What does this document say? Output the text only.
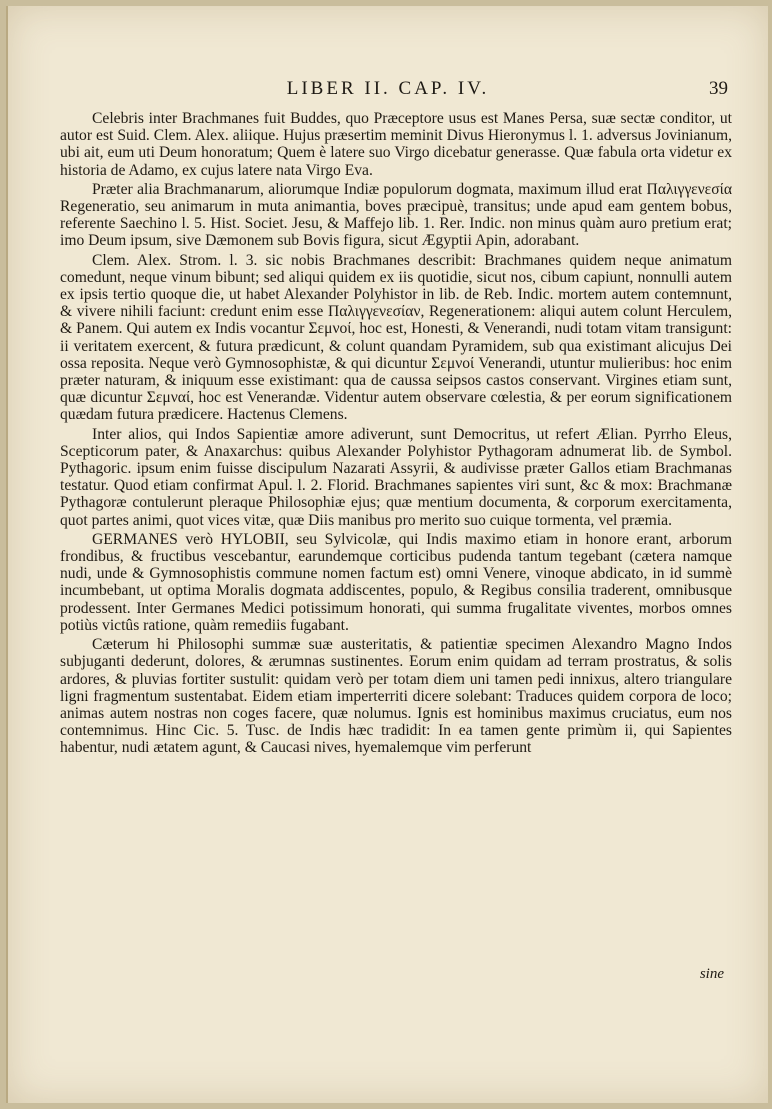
LIBER II. CAP. IV.	39

Celebris inter Brachmanes fuit Buddes, quo Præceptore usus est Manes Persa, suæ sectæ conditor, ut autor est Suid. Clem. Alex. aliique. Hujus præsertim meminit Divus Hieronymus l. 1. adversus Jovinianum, ubi ait, eum uti Deum honoratum; Quem è latere suo Virgo dicebatur generasse. Quæ fabula orta videtur ex historia de Adamo, ex cujus latere nata Virgo Eva.

Præter alia Brachmanarum, aliorumque Indiæ populorum dogmata, maximum illud erat Παλιγγενεσία Regeneratio, seu animarum in muta animantia, boves præcipuè, transitus; unde apud eam gentem bobus, referente Saechino l. 5. Hist. Societ. Jesu, & Maffejo lib. 1. Rer. Indic. non minus quàm auro pretium erat; imo Deum ipsum, sive Dæmonem sub Bovis figura, sicut Ægyptii Apin, adorabant.

Clem. Alex. Strom. l. 3. sic nobis Brachmanes describit: Brachmanes quidem neque animatum comedunt, neque vinum bibunt; sed aliqui quidem ex iis quotidie, sicut nos, cibum capiunt, nonnulli autem ex ipsis tertio quoque die, ut habet Alexander Polyhistor in lib. de Reb. Indic. mortem autem contemnunt, & vivere nihili faciunt: credunt enim esse Παλιγγενεσίαν, Regenerationem: aliqui autem colunt Herculem, & Panem. Qui autem ex Indis vocantur Σεμνοί, hoc est, Honesti, & Venerandi, nudi totam vitam transigunt: ii veritatem exercent, & futura prædicunt, & colunt quandam Pyramidem, sub qua existimant alicujus Dei ossa reposita. Neque verò Gymnosophistæ, & qui dicuntur Σεμνοί Venerandi, utuntur mulieribus: hoc enim præter naturam, & iniquum esse existimant: qua de caussa seipsos castos conservant. Virgines etiam sunt, quæ dicuntur Σεμναί, hoc est Venerandæ. Videntur autem observare cœlestia, & per eorum significationem quædam futura prædicere. Hactenus Clemens.

Inter alios, qui Indos Sapientiæ amore adiverunt, sunt Democritus, ut refert Ælian. Pyrrho Eleus, Scepticorum pater, & Anaxarchus: quibus Alexander Polyhistor Pythagoram adnumerat lib. de Symbol. Pythagoric. ipsum enim fuisse discipulum Nazarati Assyrii, & audivisse præter Gallos etiam Brachmanas testatur. Quod etiam confirmat Apul. l. 2. Florid. Brachmanes sapientes viri sunt, &c & mox: Brachmanæ Pythagoræ contulerunt pleraque Philosophiæ ejus; quæ mentium documenta, & corporum exercitamenta, quot partes animi, quot vices vitæ, quæ Diis manibus pro merito suo cuique tormenta, vel præmia.

GERMANES verò HYLOBII, seu Sylvicolæ, qui Indis maximo etiam in honore erant, arborum frondibus, & fructibus vescebantur, earundemque corticibus pudenda tantum tegebant (cætera namque nudi, unde & Gymnosophistis commune nomen factum est) omni Venere, vinoque abdicato, in id summè incumbebant, ut optima Moralis dogmata addiscentes, populo, & Regibus consilia traderent, omnibusque prodessent. Inter Germanes Medici potissimum honorati, qui summa frugalitate viventes, morbos omnes potiùs victûs ratione, quàm remediis fugabant.

Cæterum hi Philosophi summæ suæ austeritatis, & patientiæ specimen Alexandro Magno Indos subjuganti dederunt, dolores, & ærumnas sustinentes. Eorum enim quidam ad terram prostratus, & solis ardores, & pluvias fortiter sustulit: quidam verò per totam diem uni tamen pedi innixus, altero triangulare ligni fragmentum sustentabat. Eidem etiam imperterriti dicere solebant: Traduces quidem corpora de loco; animas autem nostras non coges facere, quæ nolumus. Ignis est hominibus maximus cruciatus, eum nos contemnimus. Hinc Cic. 5. Tusc. de Indis hæc tradidit: In ea tamen gente primùm ii, qui Sapientes habentur, nudi ætatem agunt, & Caucasi nives, hyemalemque vim perferunt

sine
